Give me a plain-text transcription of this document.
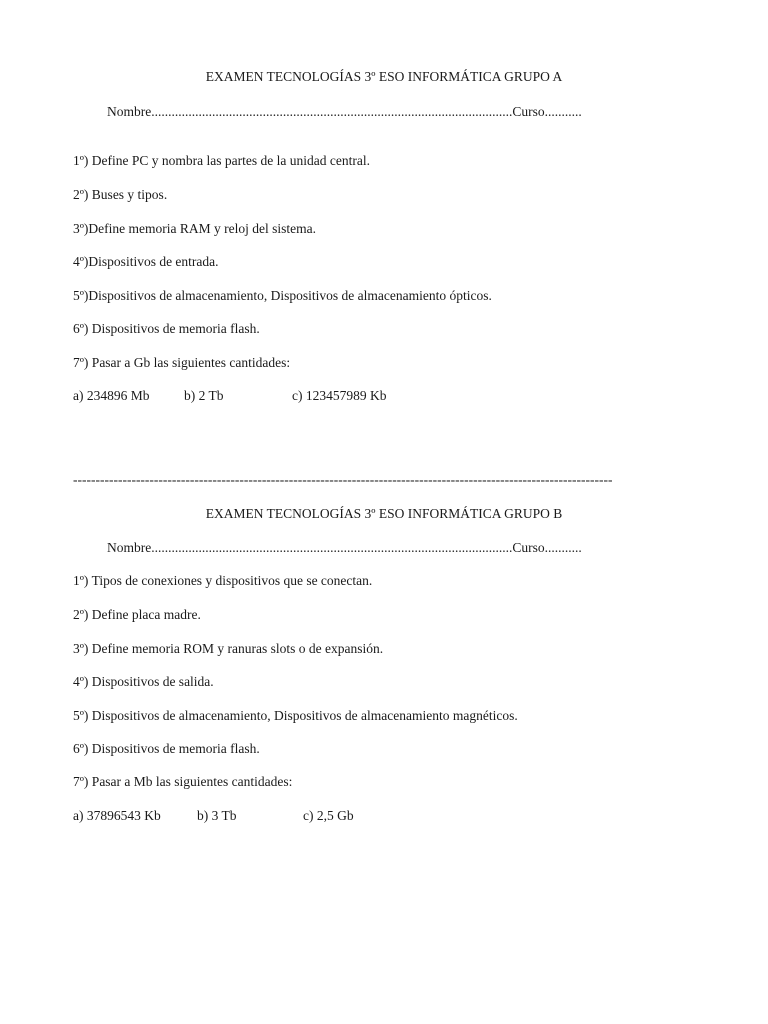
EXAMEN TECNOLOGÍAS 3º ESO INFORMÁTICA GRUPO A
Nombre...........................................................................................................Curso...........
1º) Define PC y nombra las partes de la unidad central.
2º) Buses y tipos.
3º)Define memoria RAM y reloj del sistema.
4º)Dispositivos de entrada.
5º)Dispositivos de almacenamiento, Dispositivos de almacenamiento ópticos.
6º) Dispositivos de memoria flash.
7º) Pasar a Gb las siguientes cantidades:
a) 234896 Mb	b) 2 Tb	c) 123457989 Kb
------------------------------------------------------------------------------------------------------------------------
EXAMEN TECNOLOGÍAS 3º ESO INFORMÁTICA GRUPO B
Nombre...........................................................................................................Curso...........
1º) Tipos de conexiones y dispositivos que se conectan.
2º) Define placa madre.
3º) Define memoria ROM y ranuras slots o de expansión.
4º) Dispositivos de salida.
5º) Dispositivos de almacenamiento, Dispositivos de almacenamiento magnéticos.
6º) Dispositivos de memoria flash.
7º) Pasar a Mb las siguientes cantidades:
a) 37896543 Kb	b) 3 Tb	c) 2,5 Gb
